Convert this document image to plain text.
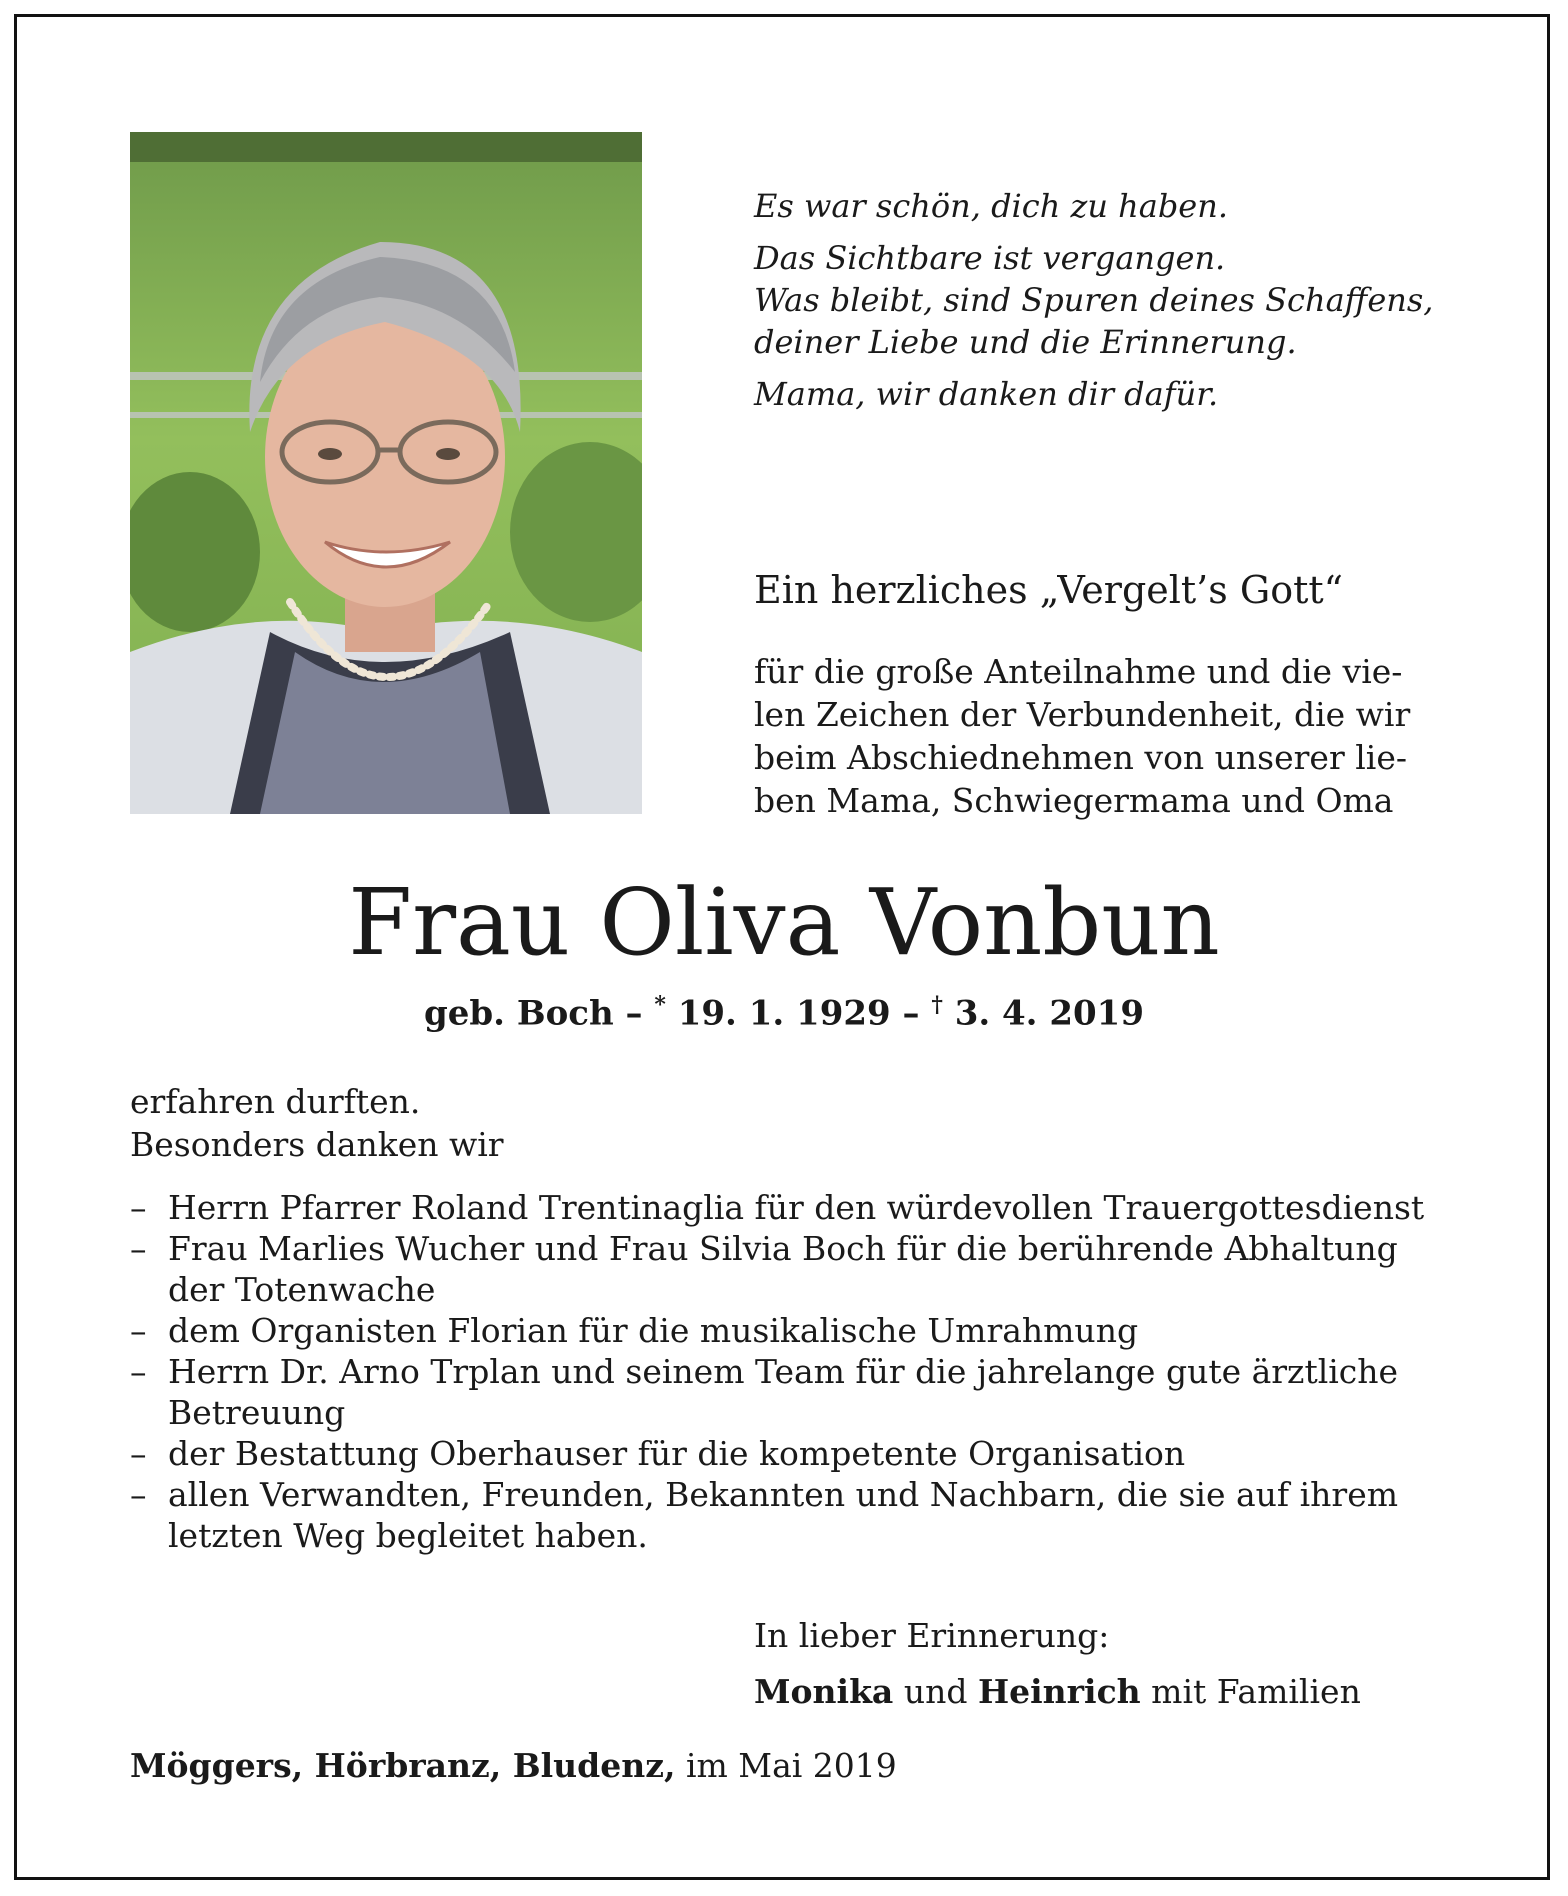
Es war schön, dich zu haben.
Das Sichtbare ist vergangen.
Was bleibt, sind Spuren deines Schaffens,
deiner Liebe und die Erinnerung.
Mama, wir danken dir dafür.
Ein herzliches „Vergelt’s Gott“
für die große Anteilnahme und die vie-
len Zeichen der Verbundenheit, die wir
beim Abschiednehmen von unserer lie-
ben Mama, Schwiegermama und Oma
Frau Oliva Vonbun
geb. Boch – * 19. 1. 1929 – † 3. 4. 2019
erfahren durften.
Besonders danken wir
– Herrn Pfarrer Roland Trentinaglia für den würdevollen Trauergottesdienst
– Frau Marlies Wucher und Frau Silvia Boch für die berührende Abhaltung
der Totenwache
– dem Organisten Florian für die musikalische Umrahmung
– Herrn Dr. Arno Trplan und seinem Team für die jahrelange gute ärztliche
Betreuung
– der Bestattung Oberhauser für die kompetente Organisation
– allen Verwandten, Freunden, Bekannten und Nachbarn, die sie auf ihrem
letzten Weg begleitet haben.
In lieber Erinnerung:
Monika und Heinrich mit Familien
Möggers, Hörbranz, Bludenz, im Mai 2019
